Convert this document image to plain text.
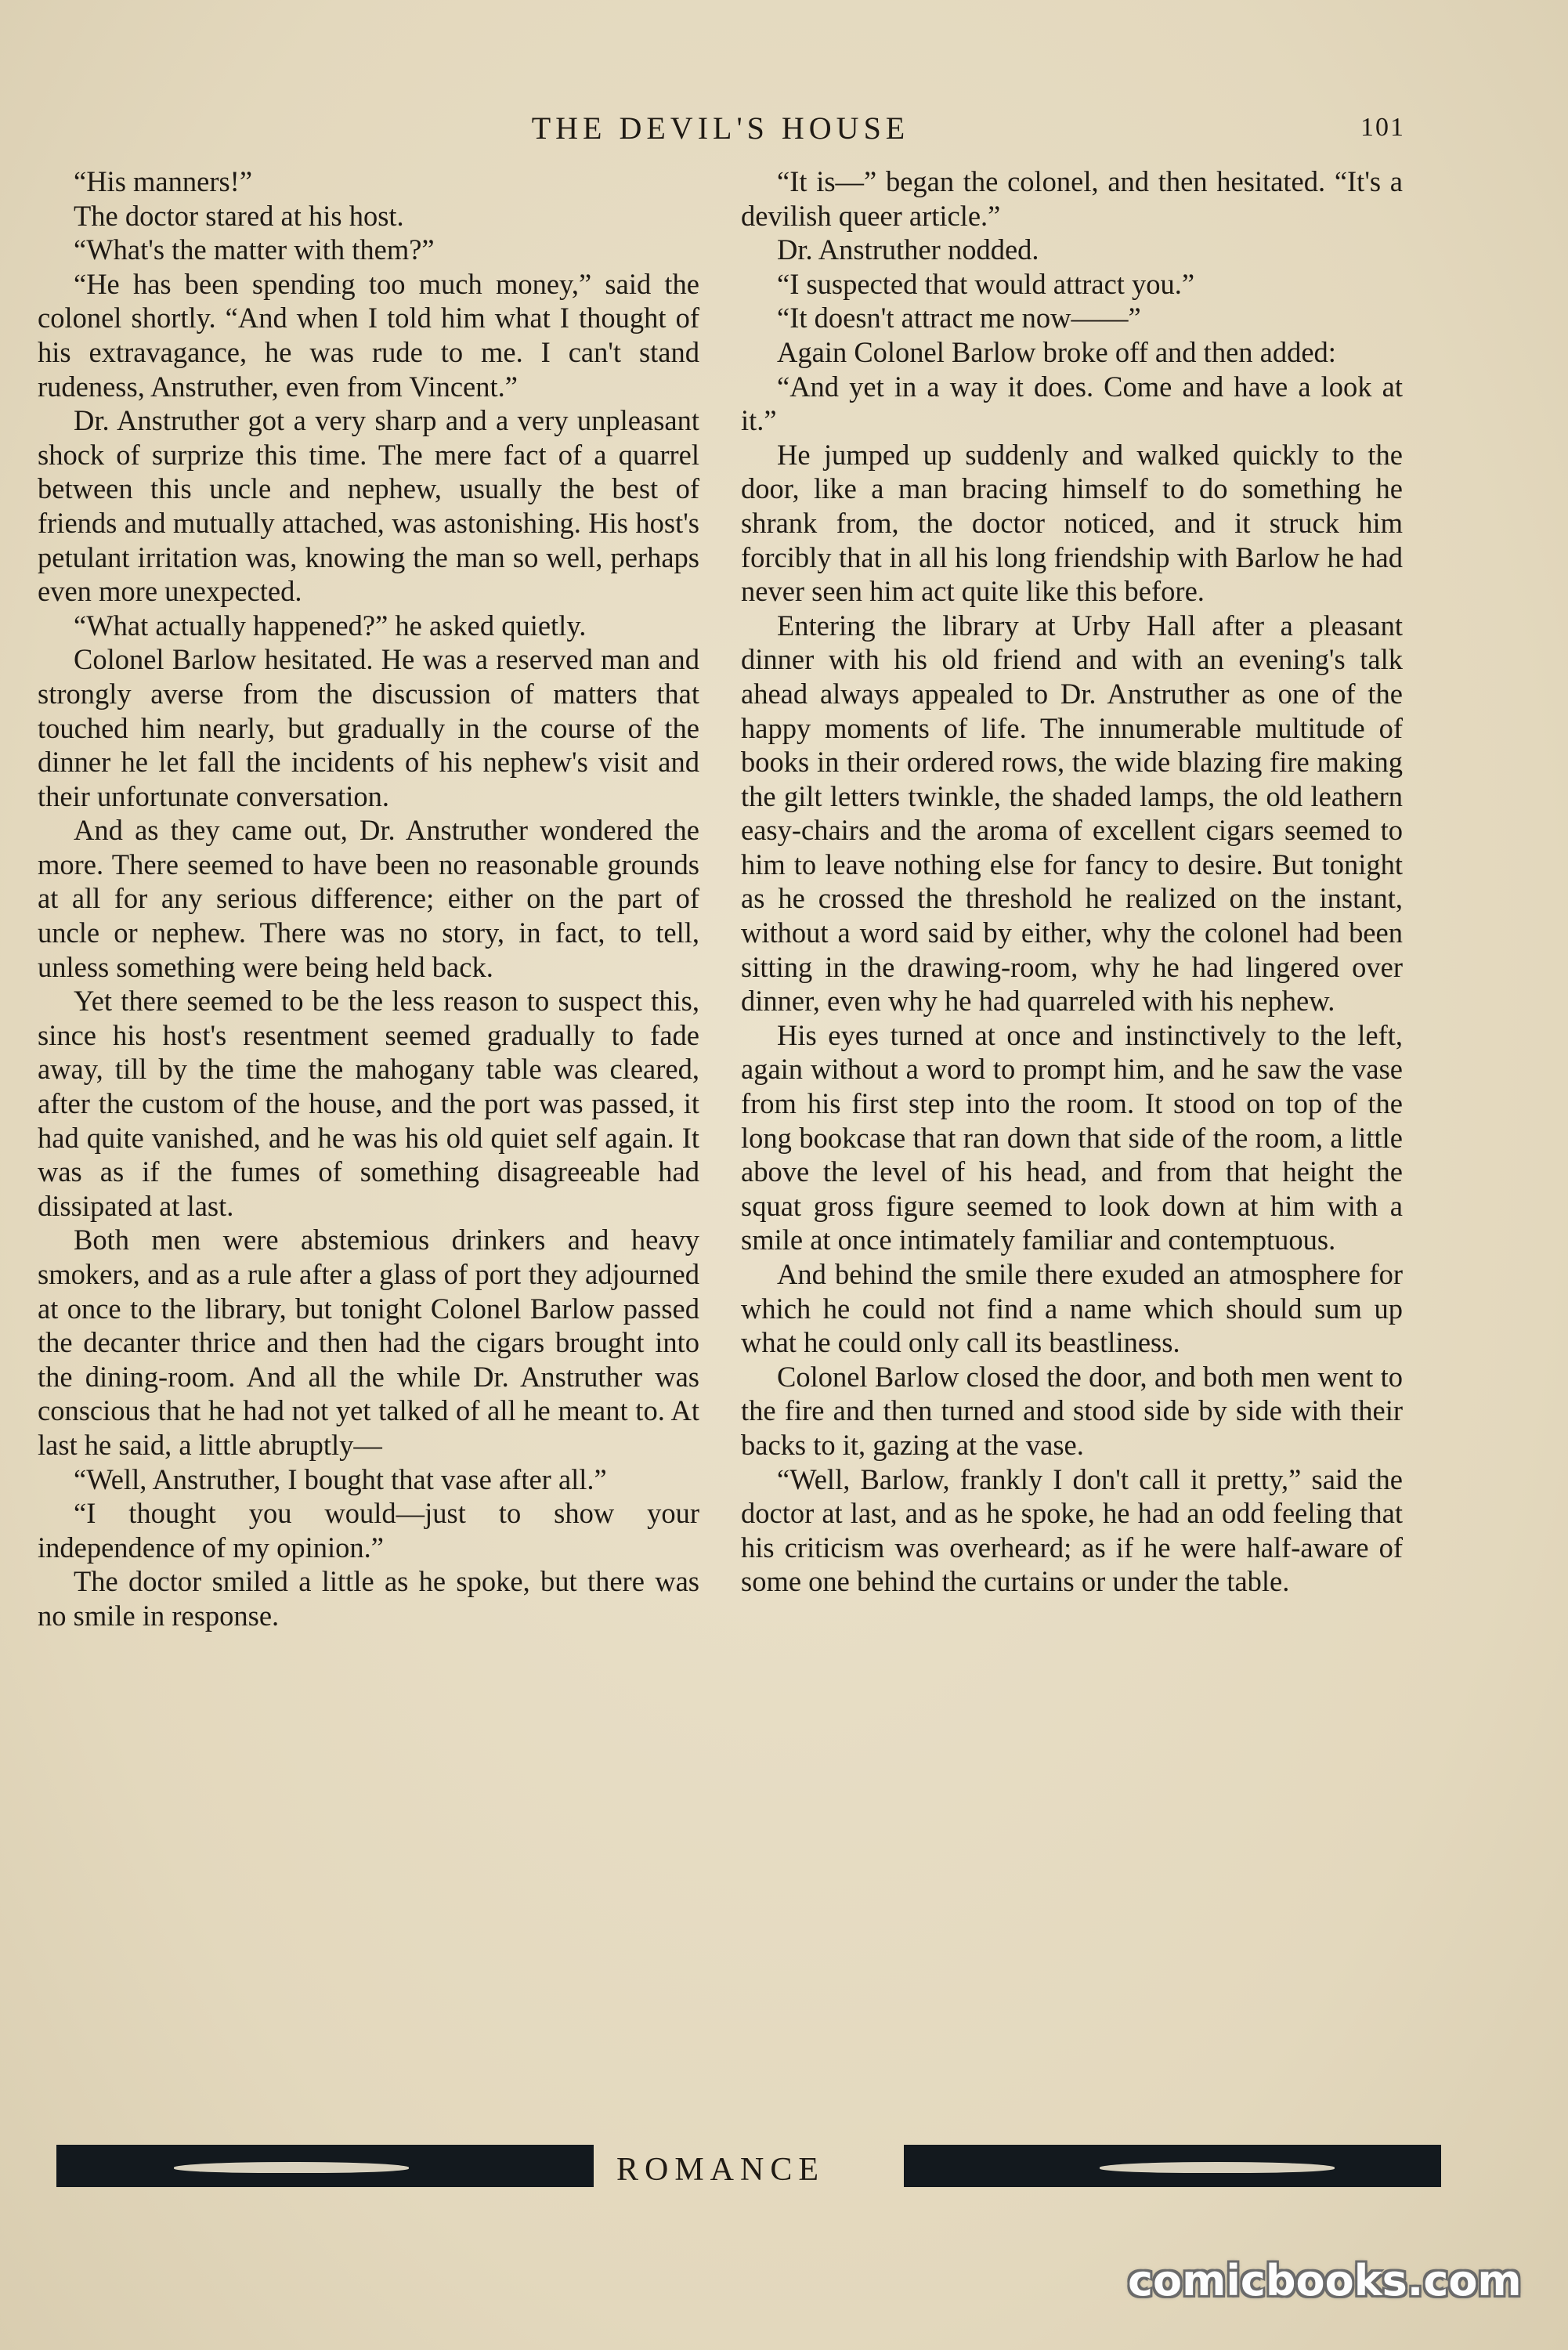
THE DEVIL'S HOUSE	101

“His manners!”

The doctor stared at his host.

“What's the matter with them?”

“He has been spending too much money,” said the colonel shortly. “And when I told him what I thought of his extravagance, he was rude to me. I can't stand rudeness, Anstruther, even from Vincent.”

Dr. Anstruther got a very sharp and a very unpleasant shock of surprize this time. The mere fact of a quarrel between this uncle and nephew, usually the best of friends and mutually attached, was astonishing. His host's petulant irritation was, knowing the man so well, perhaps even more unexpected.

“What actually happened?” he asked quietly.

Colonel Barlow hesitated. He was a reserved man and strongly averse from the discussion of matters that touched him nearly, but gradually in the course of the dinner he let fall the incidents of his nephew's visit and their unfortunate conversation.

And as they came out, Dr. Anstruther wondered the more. There seemed to have been no reasonable grounds at all for any serious difference; either on the part of uncle or nephew. There was no story, in fact, to tell, unless something were being held back.

Yet there seemed to be the less reason to suspect this, since his host's resentment seemed gradually to fade away, till by the time the mahogany table was cleared, after the custom of the house, and the port was passed, it had quite vanished, and he was his old quiet self again. It was as if the fumes of something disagreeable had dissipated at last.

Both men were abstemious drinkers and heavy smokers, and as a rule after a glass of port they adjourned at once to the library, but tonight Colonel Barlow passed the decanter thrice and then had the cigars brought into the dining-room. And all the while Dr. Anstruther was conscious that he had not yet talked of all he meant to. At last he said, a little abruptly—

“Well, Anstruther, I bought that vase after all.”

“I thought you would—just to show your independence of my opinion.”

The doctor smiled a little as he spoke, but there was no smile in response.

“It is—” began the colonel, and then hesitated. “It's a devilish queer article.”

Dr. Anstruther nodded.

“I suspected that would attract you.”

“It doesn't attract me now——”

Again Colonel Barlow broke off and then added:

“And yet in a way it does. Come and have a look at it.”

He jumped up suddenly and walked quickly to the door, like a man bracing himself to do something he shrank from, the doctor noticed, and it struck him forcibly that in all his long friendship with Barlow he had never seen him act quite like this before.

Entering the library at Urby Hall after a pleasant dinner with his old friend and with an evening's talk ahead always appealed to Dr. Anstruther as one of the happy moments of life. The innumerable multitude of books in their ordered rows, the wide blazing fire making the gilt letters twinkle, the shaded lamps, the old leathern easy-chairs and the aroma of excellent cigars seemed to him to leave nothing else for fancy to desire. But tonight as he crossed the threshold he realized on the instant, without a word said by either, why the colonel had been sitting in the drawing-room, why he had lingered over dinner, even why he had quarreled with his nephew.

His eyes turned at once and instinctively to the left, again without a word to prompt him, and he saw the vase from his first step into the room. It stood on top of the long bookcase that ran down that side of the room, a little above the level of his head, and from that height the squat gross figure seemed to look down at him with a smile at once intimately familiar and contemptuous.

And behind the smile there exuded an atmosphere for which he could not find a name which should sum up what he could only call its beastliness.

Colonel Barlow closed the door, and both men went to the fire and then turned and stood side by side with their backs to it, gazing at the vase.

“Well, Barlow, frankly I don't call it pretty,” said the doctor at last, and as he spoke, he had an odd feeling that his criticism was overheard; as if he were half-aware of some one behind the curtains or under the table.

ROMANCE
comicbooks.com
